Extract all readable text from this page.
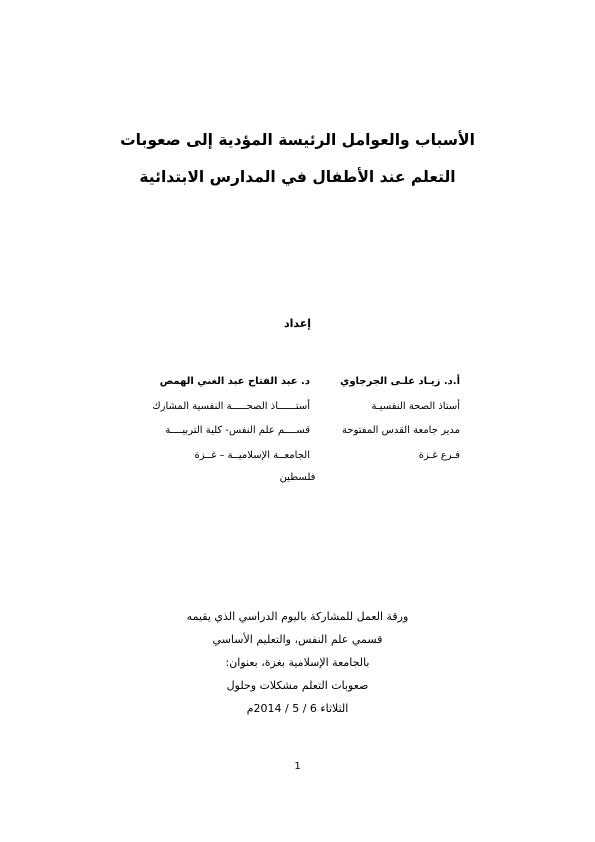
الأسباب والعوامل الرئيسة المؤدية إلى صعوبات
التعلم عند الأطفال في المدارس الابتدائية
إعداد
أ.د. زيـاد علـى الجرجاوي
أستاذ الصحة النفسيـة
مدير جامعة القدس المفتوحة
فـرع غـزة
د. عبد الفتاح عبد الغني الهمص
أستــــــاذ الصحـــــة النفسية المشارك
قســــم علم النفس- كلية التربيــــة
الجامعــة الإسلاميــة – غــزة
فلسطين
ورقة العمل للمشاركة باليوم الدراسي الذي يقيمه
قسمي علم النفس، والتعليم الأساسي
بالجامعة الإسلامية بغزة، بعنوان:
صعوبات التعلم مشكلات وحلول
الثلاثاء 6 / 5 / 2014م
1
